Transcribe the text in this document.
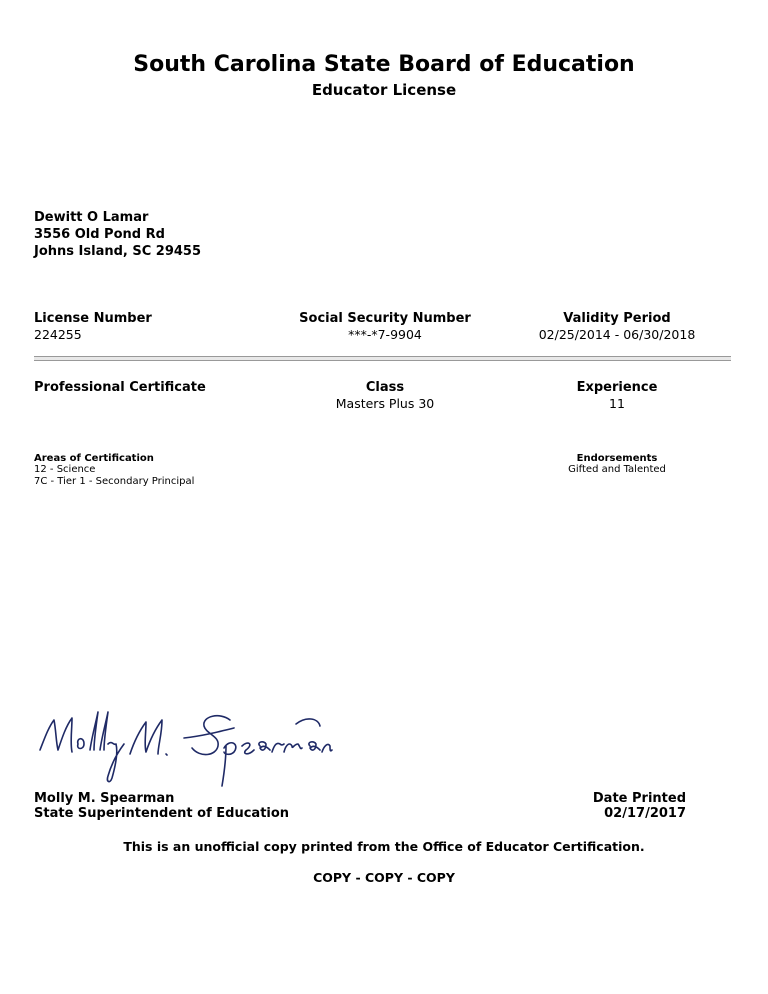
South Carolina State Board of Education
Educator License
Dewitt O Lamar
3556 Old Pond Rd
Johns Island, SC 29455
License Number
224255
Social Security Number
***-*7-9904
Validity Period
02/25/2014 - 06/30/2018
Professional Certificate	Class
Masters Plus 30
Experience
11
Areas of Certification
12 - Science
7C - Tier 1 - Secondary Principal
Endorsements
Gifted and Talented
Molly M. Spearman
State Superintendent of Education
Date Printed
02/17/2017
This is an unofficial copy printed from the Office of Educator Certification.
COPY - COPY - COPY
